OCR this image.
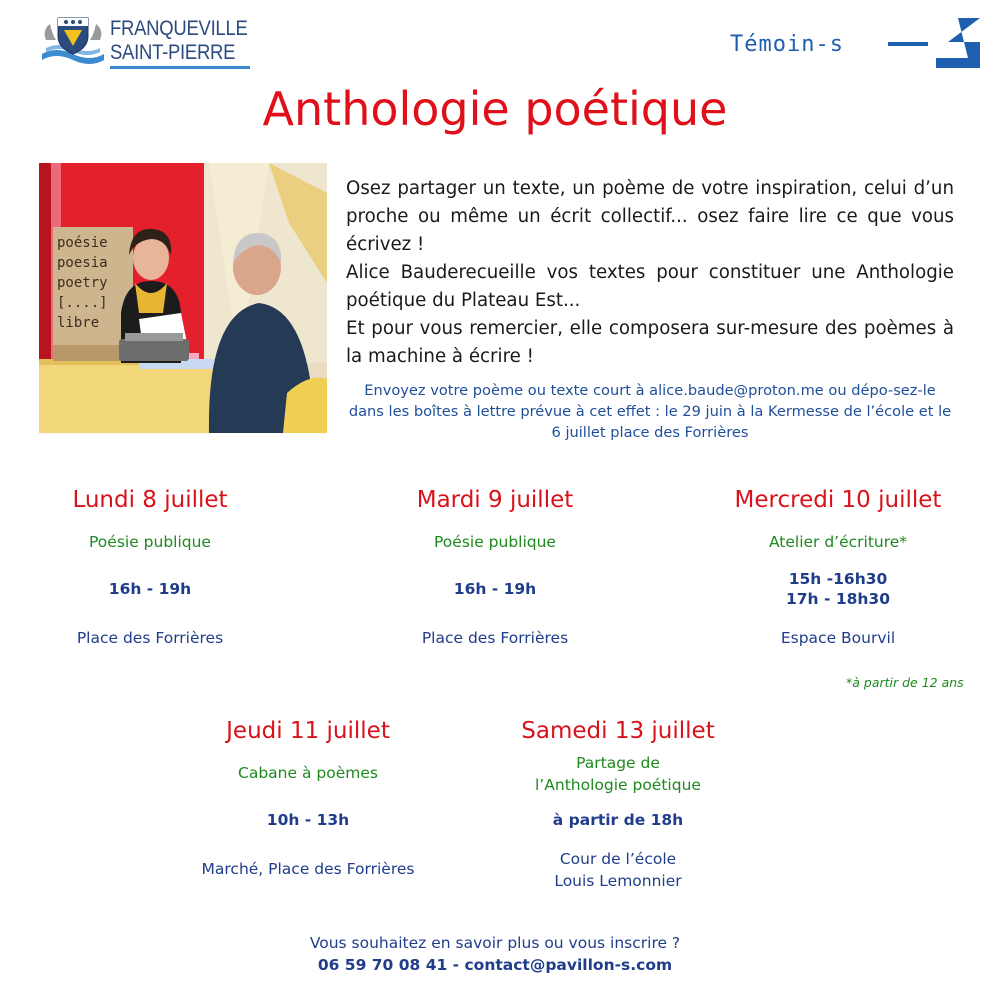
FRANQUEVILLE
SAINT-PIERRE	Témoin-s
Anthologie poétique
poésie
poesia
poetry
[....]
libre

Osez partager un texte, un poème de votre inspiration, celui d’un proche ou même un écrit collectif... osez faire lire ce que vous écrivez !

Alice Bauderecueille vos textes pour constituer une Anthologie poétique du Plateau Est...

Et pour vous remercier, elle composera sur-mesure des poèmes à la machine à écrire !

Envoyez votre poème ou texte court à alice.baude@proton.me ou dépo-sez-le dans les boîtes à lettre prévue à cet effet : le 29 juin à la Kermesse de l’école et le 6 juillet place des Forrières

Lundi 8 juillet
Poésie publique
16h - 19h
Place des Forrières
Mardi 9 juillet
Poésie publique
16h - 19h
Place des Forrières
Mercredi 10 juillet
Atelier d’écriture*
15h -16h30
17h - 18h30
Espace Bourvil
*à partir de 12 ans
Jeudi 11 juillet
Cabane à poèmes
10h - 13h
Marché, Place des Forrières
Samedi 13 juillet
Partage de l’Anthologie poétique
à partir de 18h
Cour de l’école Louis Lemonnier
Vous souhaitez en savoir plus ou vous inscrire ?
06 59 70 08 41 - contact@pavillon-s.com
